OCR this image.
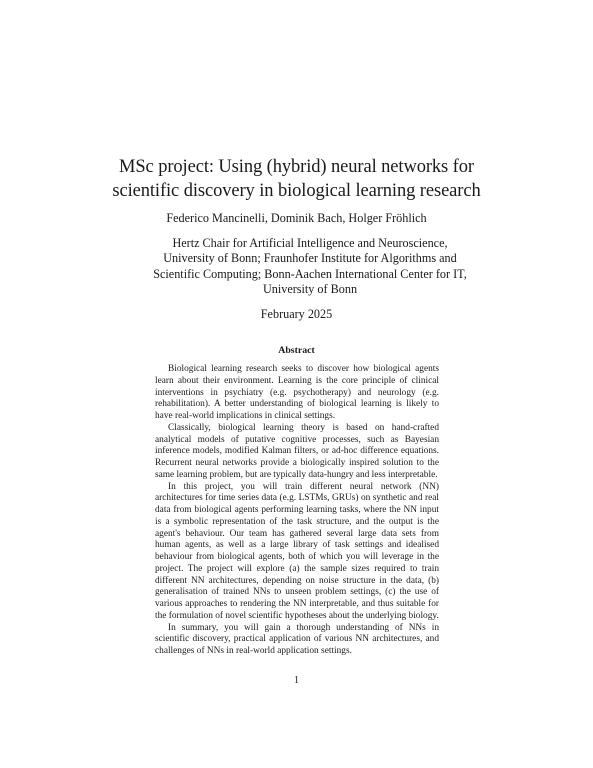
MSc project: Using (hybrid) neural networks for scientific discovery in biological learning research
Federico Mancinelli, Dominik Bach, Holger Fröhlich
Hertz Chair for Artificial Intelligence and Neuroscience, University of Bonn; Fraunhofer Institute for Algorithms and Scientific Computing; Bonn-Aachen International Center for IT, University of Bonn
February 2025
Abstract

Biological learning research seeks to discover how biological agents learn about their environment. Learning is the core principle of clinical interventions in psychiatry (e.g. psychotherapy) and neurology (e.g. rehabilitation). A better understanding of biological learning is likely to have real-world implications in clinical settings.

Classically, biological learning theory is based on hand-crafted analytical models of putative cognitive processes, such as Bayesian inference models, modified Kalman filters, or ad-hoc difference equations. Recurrent neural networks provide a biologically inspired solution to the same learning problem, but are typically data-hungry and less interpretable.

In this project, you will train different neural network (NN) architectures for time series data (e.g. LSTMs, GRUs) on synthetic and real data from biological agents performing learning tasks, where the NN input is a symbolic representation of the task structure, and the output is the agent's behaviour. Our team has gathered several large data sets from human agents, as well as a large library of task settings and idealised behaviour from biological agents, both of which you will leverage in the project. The project will explore (a) the sample sizes required to train different NN architectures, depending on noise structure in the data, (b) generalisation of trained NNs to unseen problem settings, (c) the use of various approaches to rendering the NN interpretable, and thus suitable for the formulation of novel scientific hypotheses about the underlying biology.

In summary, you will gain a thorough understanding of NNs in scientific discovery, practical application of various NN architectures, and challenges of NNs in real-world application settings.

1
